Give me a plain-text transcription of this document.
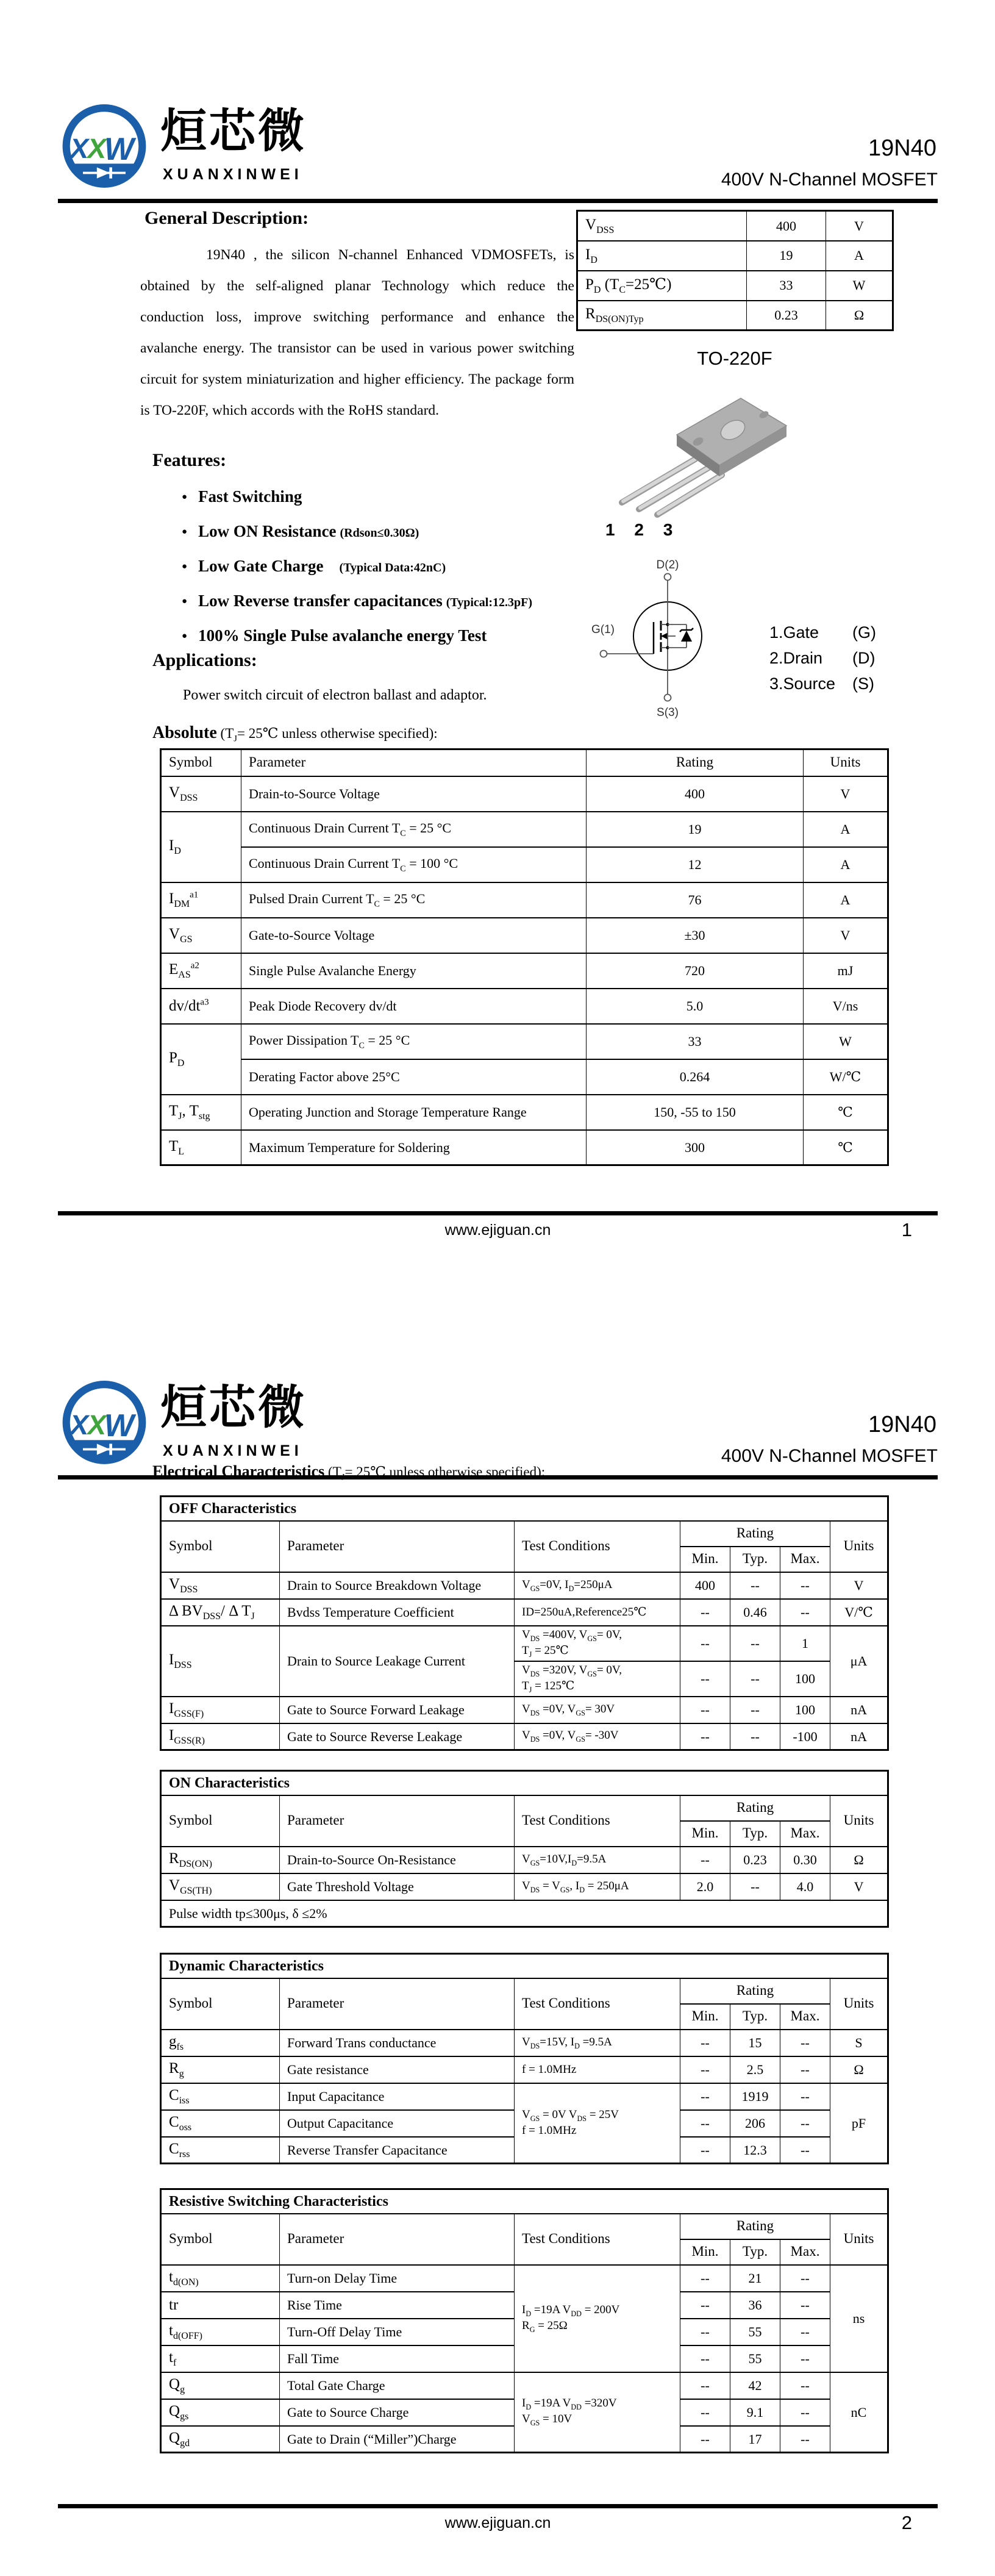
X
X
W 烜芯微
XUANXINWEI
19N40
400V N-Channel MOSFET
General Description:
19N40 , the silicon N-channel Enhanced VDMOSFETs, is obtained by the self-aligned planar Technology which reduce the conduction loss, improve switching performance and enhance the avalanche energy. The transistor can be used in various power switching circuit for system miniaturization and higher efficiency. The package form is TO-220F, which accords with the RoHS standard.
Features:
● Fast Switching
● Low ON Resistance (Rdson≤0.30Ω)
● Low Gate Charge (Typical Data:42nC)
● Low Reverse transfer capacitances (Typical:12.3pF)
● 100% Single Pulse avalanche energy Test
Applications:
Power switch circuit of electron ballast and adaptor.
Absolute ($T_J=$ 25℃ unless otherwise specified):
Symbol	Parameter	Rating	Units
$V_{DSS}$	Drain-to-Source Voltage	400	V
$I_D$	Continuous Drain Current $T_C = 25$ °C	19	A
	Continuous Drain Current $T_C = 100$ °C	12	A
$I_{DM}^{a1}$	Pulsed Drain Current $T_C = 25$ °C	76	A
$V_{GS}$	Gate-to-Source Voltage	±30	V
$E_{AS}^{a2}$	Single Pulse Avalanche Energy	720	mJ
$dv/dt^{a3}$	Peak Diode Recovery dv/dt	5.0	V/ns
$P_D$	Power Dissipation $T_C = 25$ °C	33	W
	Derating Factor above 25°C	0.264	W/℃
$T_J$, $T_{stg}$	Operating Junction and Storage Temperature Range	150, -55 to 150	℃
$T_L$	Maximum Temperature for Soldering	300	℃
$V_{DSS}$	400	V
$I_D$	19	A
$P_D$ $(T_C=25℃)$	33	W
$R_{DS(ON)Typ}$	0.23	Ω
TO-220F
1 2 3
D(2)
G(1)
S(3)
1.Gate (G)
2.Drain (D)
3.Source (S)
www.ejiguan.cn	1
X
X
W 烜芯微
XUANXINWEI
19N40
400V N-Channel MOSFET
Electrical Characteristics ($T_J=$ 25℃ unless otherwise specified):
OFF Characteristics						
Symbol	Parameter	Test Conditions	Rating			Units
			Min.	Typ.	Max.	
$V_{DSS}$	Drain to Source Breakdown Voltage	$V_{GS}=0V$, $I_D=250\mu A$	400	--	--	V
Δ $BV_{DSS}/$ Δ $T_J$	Bvdss Temperature Coefficient	ID=250uA,Reference25℃	--	0.46	--	V/℃
$I_{DSS}$	Drain to Source Leakage Current	$V_{DS} =400V$, $V_{GS}= 0V$,
$T_J$ = 25℃	--	--	1	μA
		$V_{DS} =320V$, $V_{GS}= 0V$,
$T_J$ = 125℃	--	--	100	
$I_{GSS(F)}$	Gate to Source Forward Leakage	$V_{DS} =0V$, $V_{GS}= 30V$	--	--	100	nA
$I_{GSS(R)}$	Gate to Source Reverse Leakage	$V_{DS} =0V$, $V_{GS}= -30V$	--	--	-100	nA
ON Characteristics						
Symbol	Parameter	Test Conditions	Rating			Units
			Min.	Typ.	Max.	
$R_{DS(ON)}$	Drain-to-Source On-Resistance	$V_{GS}=10V,I_D=9.5A$	--	0.23	0.30	Ω
$V_{GS(TH)}$	Gate Threshold Voltage	$V_{DS} = V_{GS}$, $I_D = 250\mu A$	2.0	--	4.0	V
Pulse width tp≤300μs, δ ≤2%						
Dynamic Characteristics						
Symbol	Parameter	Test Conditions	Rating			Units
			Min.	Typ.	Max.	
$g_{fs}$	Forward Trans conductance	$V_{DS}=15V$, $I_D =9.5A$	--	15	--	S
$R_g$	Gate resistance	f = 1.0MHz	--	2.5	--	Ω
$C_{iss}$	Input Capacitance	$V_{GS} = 0V$ $V_{DS} = 25V$
f = 1.0MHz	--	1919	--	pF
$C_{oss}$	Output Capacitance		--	206	--	
$C_{rss}$	Reverse Transfer Capacitance		--	12.3	--	
Resistive Switching Characteristics						
Symbol	Parameter	Test Conditions	Rating			Units
			Min.	Typ.	Max.	
$t_{d(ON)}$	Turn-on Delay Time	$I_D =19A$ $V_{DD} = 200V$
$R_G = 25\Omega$	--	21	--	ns
tr	Rise Time		--	36	--	
$t_{d(OFF)}$	Turn-Off Delay Time		--	55	--	
$t_f$	Fall Time		--	55	--	
$Q_g$	Total Gate Charge	$I_D =19A$ $V_{DD} =320V$
$V_{GS} = 10V$	--	42	--	nC
$Q_{gs}$	Gate to Source Charge		--	9.1	--	
$Q_{gd}$	Gate to Drain (“Miller”)Charge		--	17	--	
www.ejiguan.cn	2
